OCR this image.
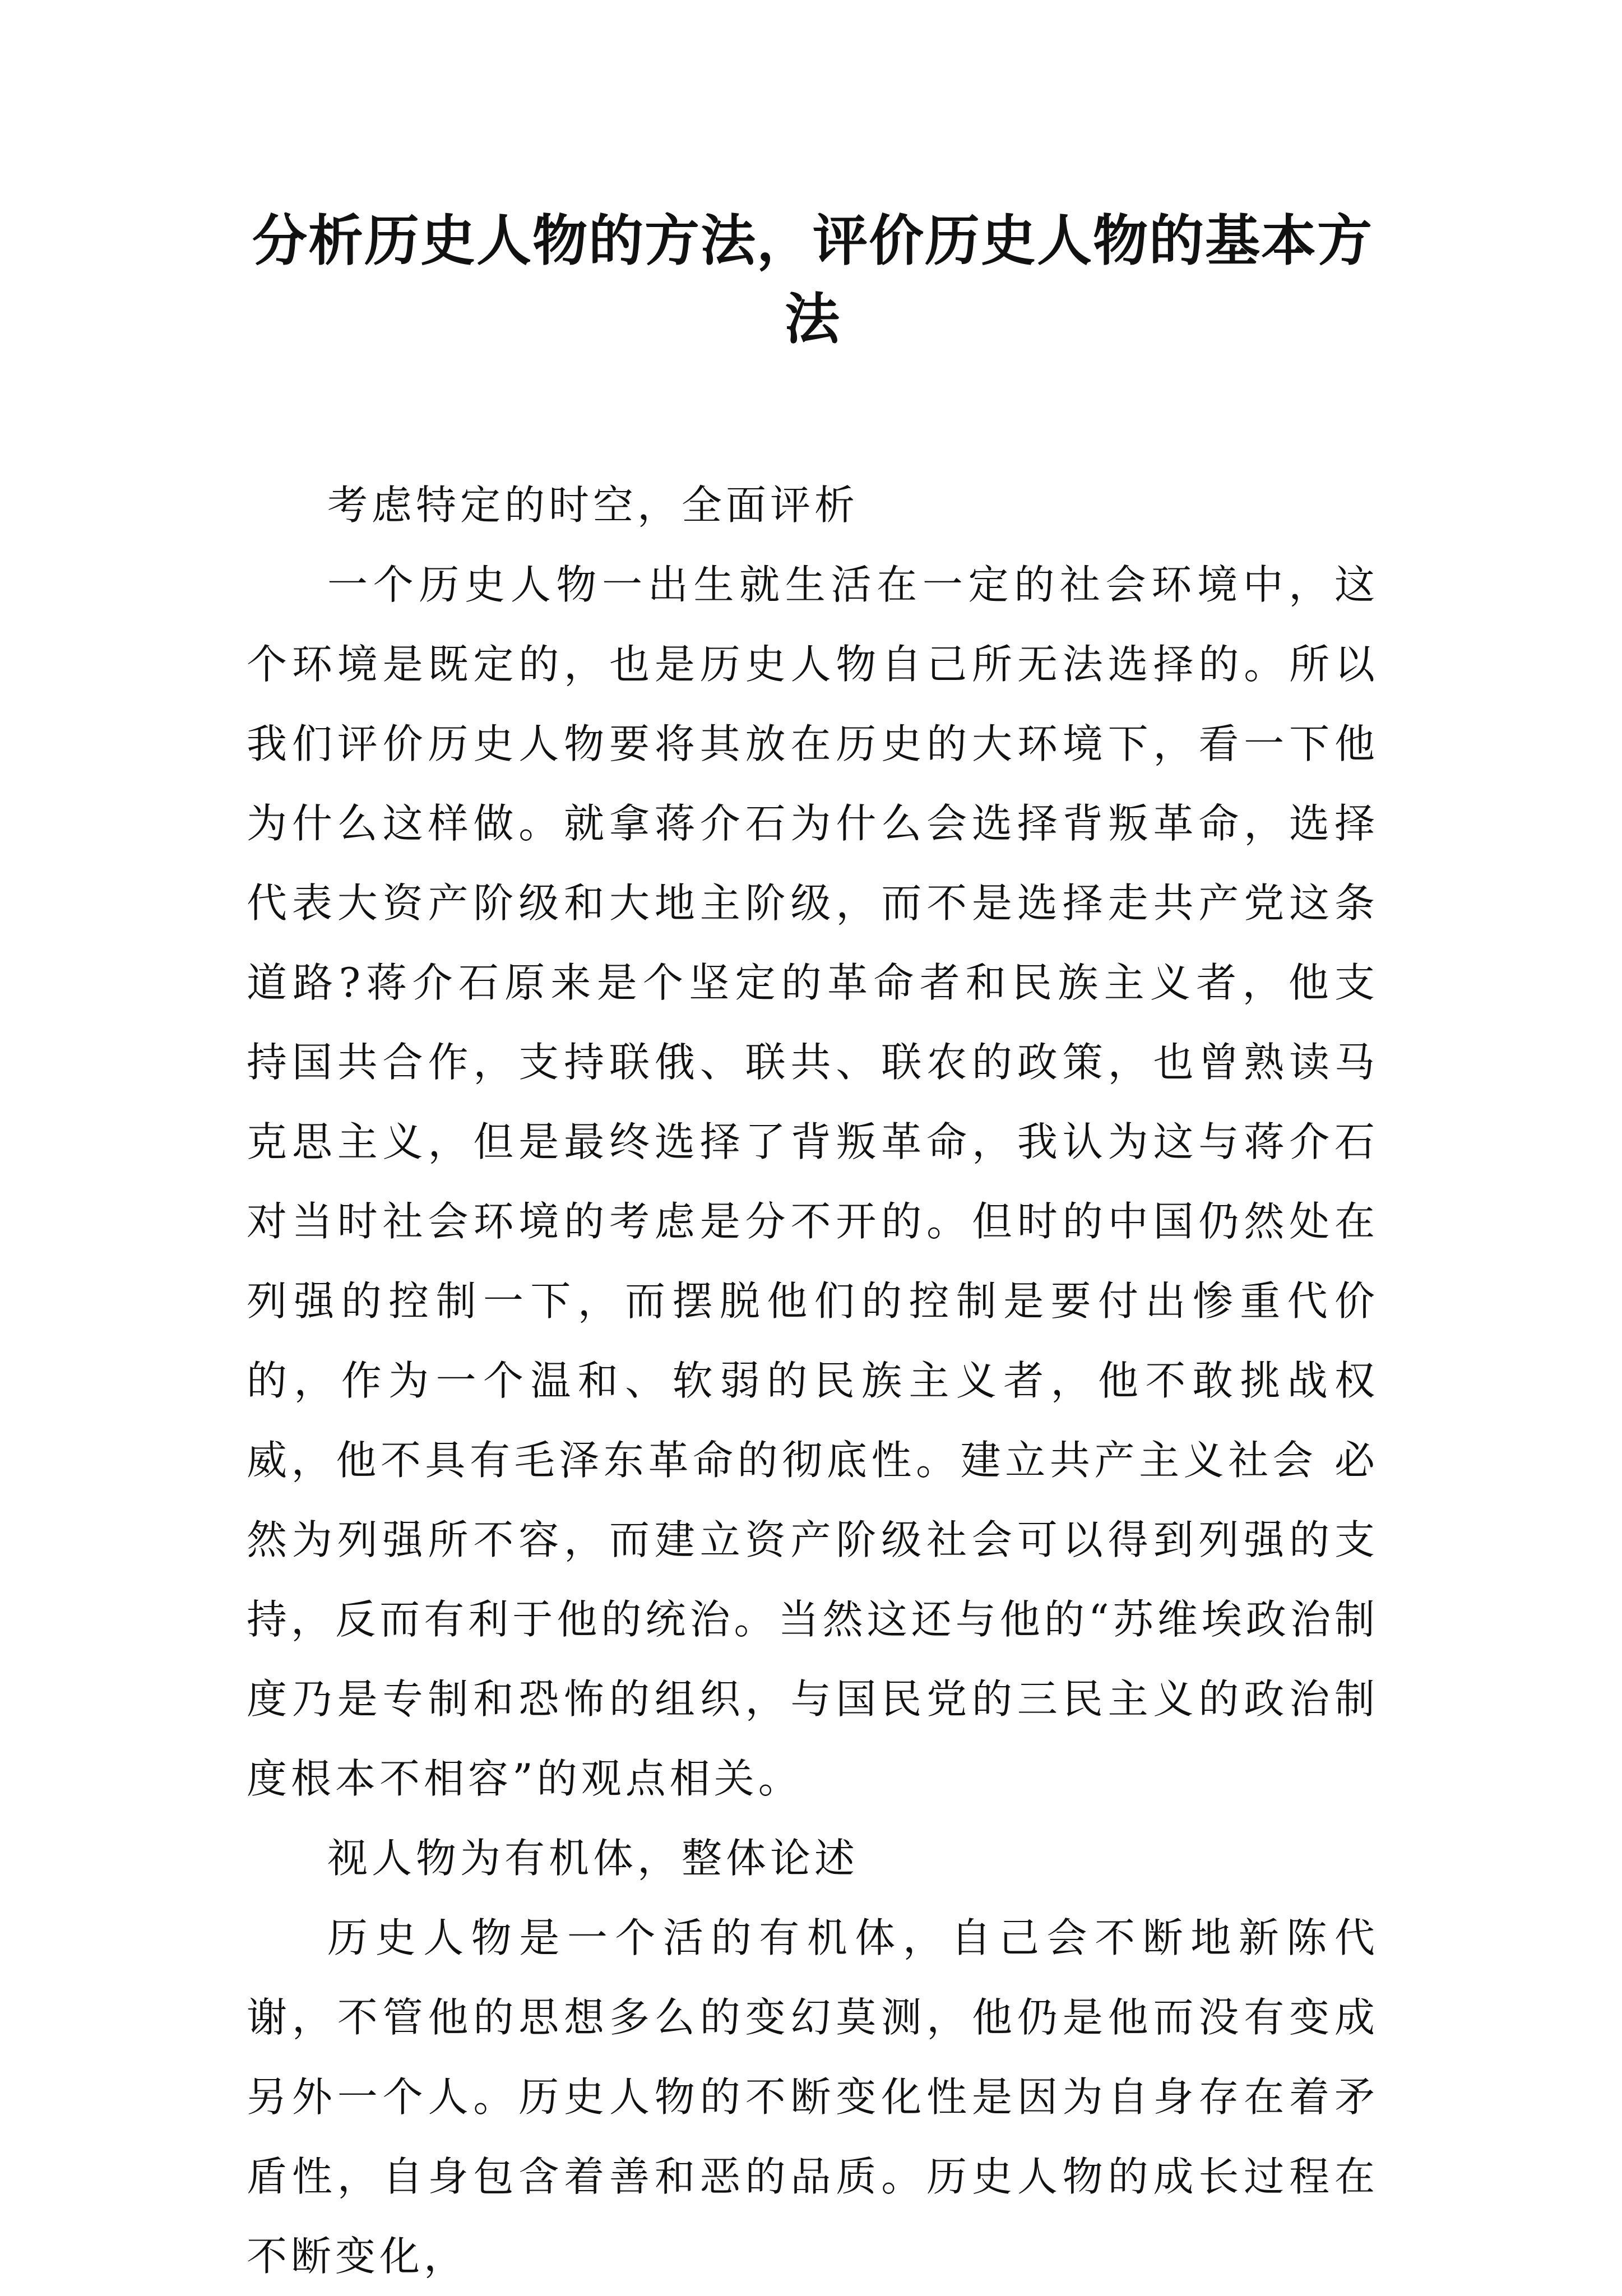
分析历史人物的方法，评价历史人物的基本方法

考虑特定的时空，全面评析

一个历史人物一出生就生活在一定的社会环境中，这个环境是既定的，也是历史人物自己所无法选择的。所以我们评价历史人物要将其放在历史的大环境下，看一下他为什么这样做。就拿蒋介石为什么会选择背叛革命，选择代表大资产阶级和大地主阶级，而不是选择走共产党这条道路?蒋介石原来是个坚定的革命者和民族主义者，他支持国共合作，支持联俄、联共、联农的政策，也曾熟读马克思主义，但是最终选择了背叛革命，我认为这与蒋介石对当时社会环境的考虑是分不开的。但时的中国仍然处在列强的控制一下，而摆脱他们的控制是要付出惨重代价的，作为一个温和、软弱的民族主义者，他不敢挑战权威，他不具有毛泽东革命的彻底性。建立共产主义社会 必然为列强所不容，而建立资产阶级社会可以得到列强的支持，反而有利于他的统治。当然这还与他的“苏维埃政治制度乃是专制和恐怖的组织，与国民党的三民主义的政治制度根本不相容”的观点相关。

视人物为有机体，整体论述

历史人物是一个活的有机体，自己会不断地新陈代谢，不管他的思想多么的变幻莫测，他仍是他而没有变成另外一个人。历史人物的不断变化性是因为自身存在着矛盾性，自身包含着善和恶的品质。历史人物的成长过程在不断变化，
